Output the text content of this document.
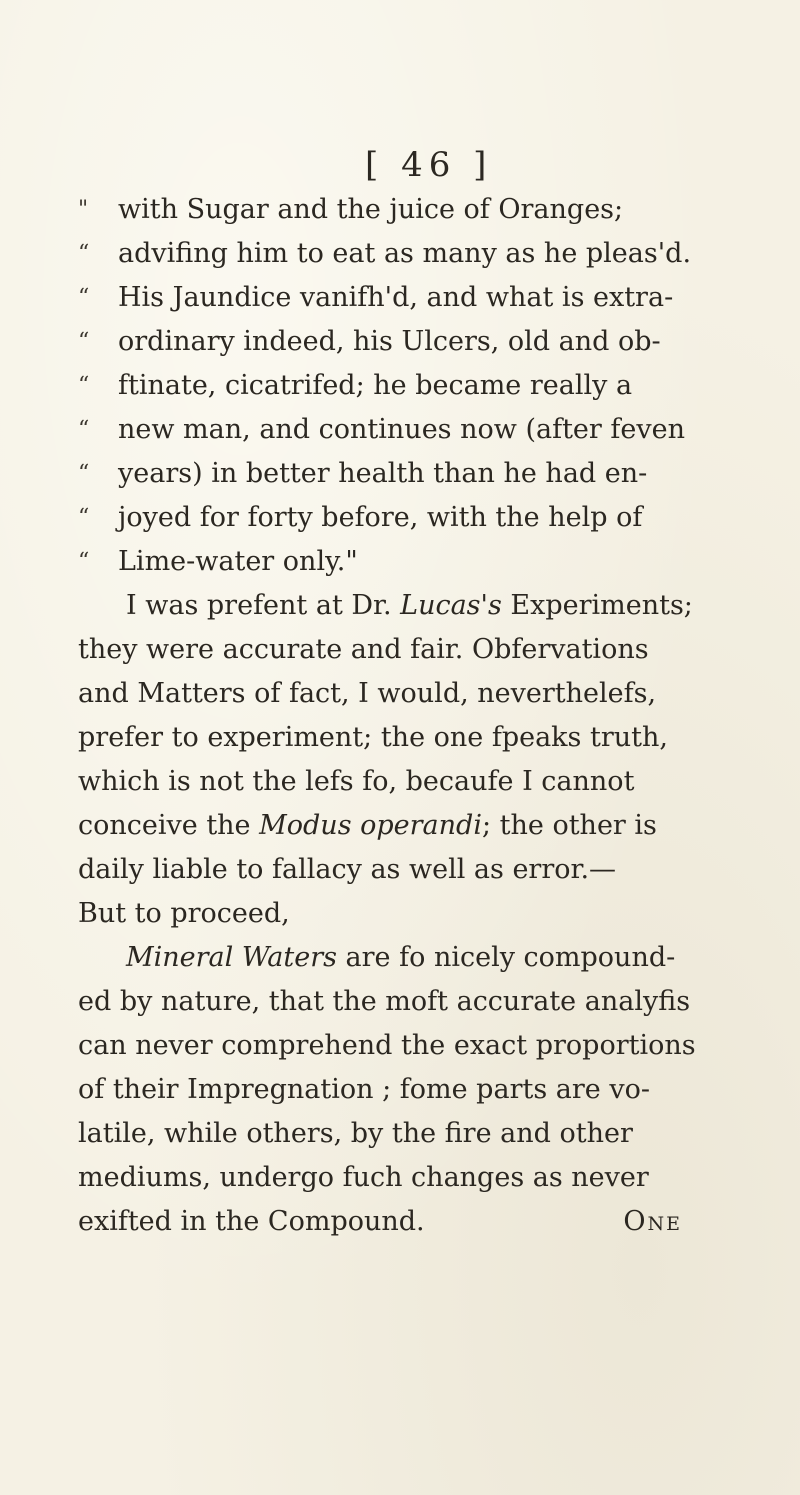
[ 46 ]
" with Sugar and the juice of Oranges;
“ advifing him to eat as many as he pleas'd.
“ His Jaundice vanifh'd, and what is extra-
“ ordinary indeed, his Ulcers, old and ob-
“ ftinate, cicatrifed; he became really a
“ new man, and continues now (after feven
“ years) in better health than he had en-
“ joyed for forty before, with the help of
“ Lime-water only."
I was prefent at Dr. Lucas's Experiments;
they were accurate and fair. Obfervations
and Matters of fact, I would, neverthelefs,
prefer to experiment; the one fpeaks truth,
which is not the lefs fo, becaufe I cannot
conceive the Modus operandi; the other is
daily liable to fallacy as well as error.—
But to proceed,
Mineral Waters are fo nicely compound-
ed by nature, that the moft accurate analyfis
can never comprehend the exact proportions
of their Impregnation ; fome parts are vo-
latile, while others, by the fire and other
mediums, undergo fuch changes as never
exifted in the Compound.	One
